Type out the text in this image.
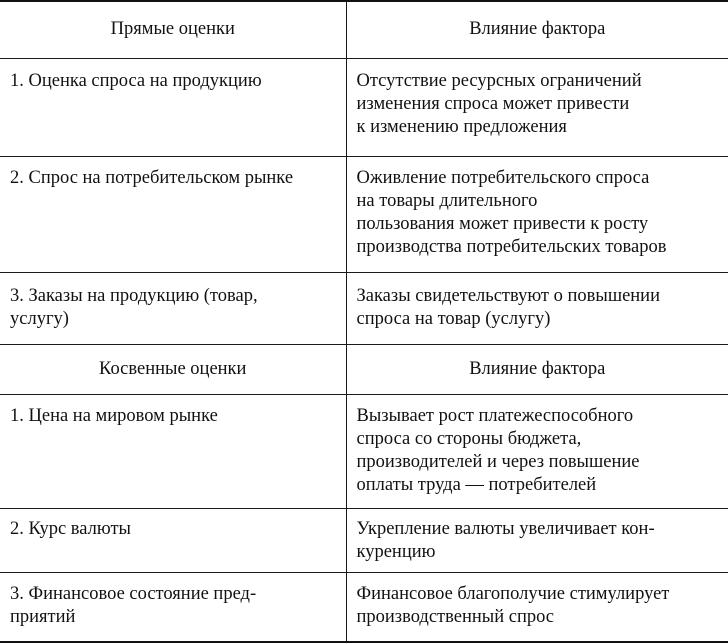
Прямые оценки	Влияние фактора

1. Оценка спроса на продукцию	Отсутствие ресурсных ограничений
изменения спроса может привести
к изменению предложения

2. Спрос на потребительском рынке	Оживление потребительского спроса
на товары длительного
пользования может привести к росту
производства потребительских товаров

3. Заказы на продукцию (товар,
услугу)	Заказы свидетельствуют о повышении
спроса на товар (услугу)

Косвенные оценки	Влияние фактора

1. Цена на мировом рынке	Вызывает рост платежеспособного
спроса со стороны бюджета,
производителей и через повышение
оплаты труда — потребителей

2. Курс валюты	Укрепление валюты увеличивает кон-
куренцию

3. Финансовое состояние пред-
приятий	Финансовое благополучие стимулирует
производственный спрос
